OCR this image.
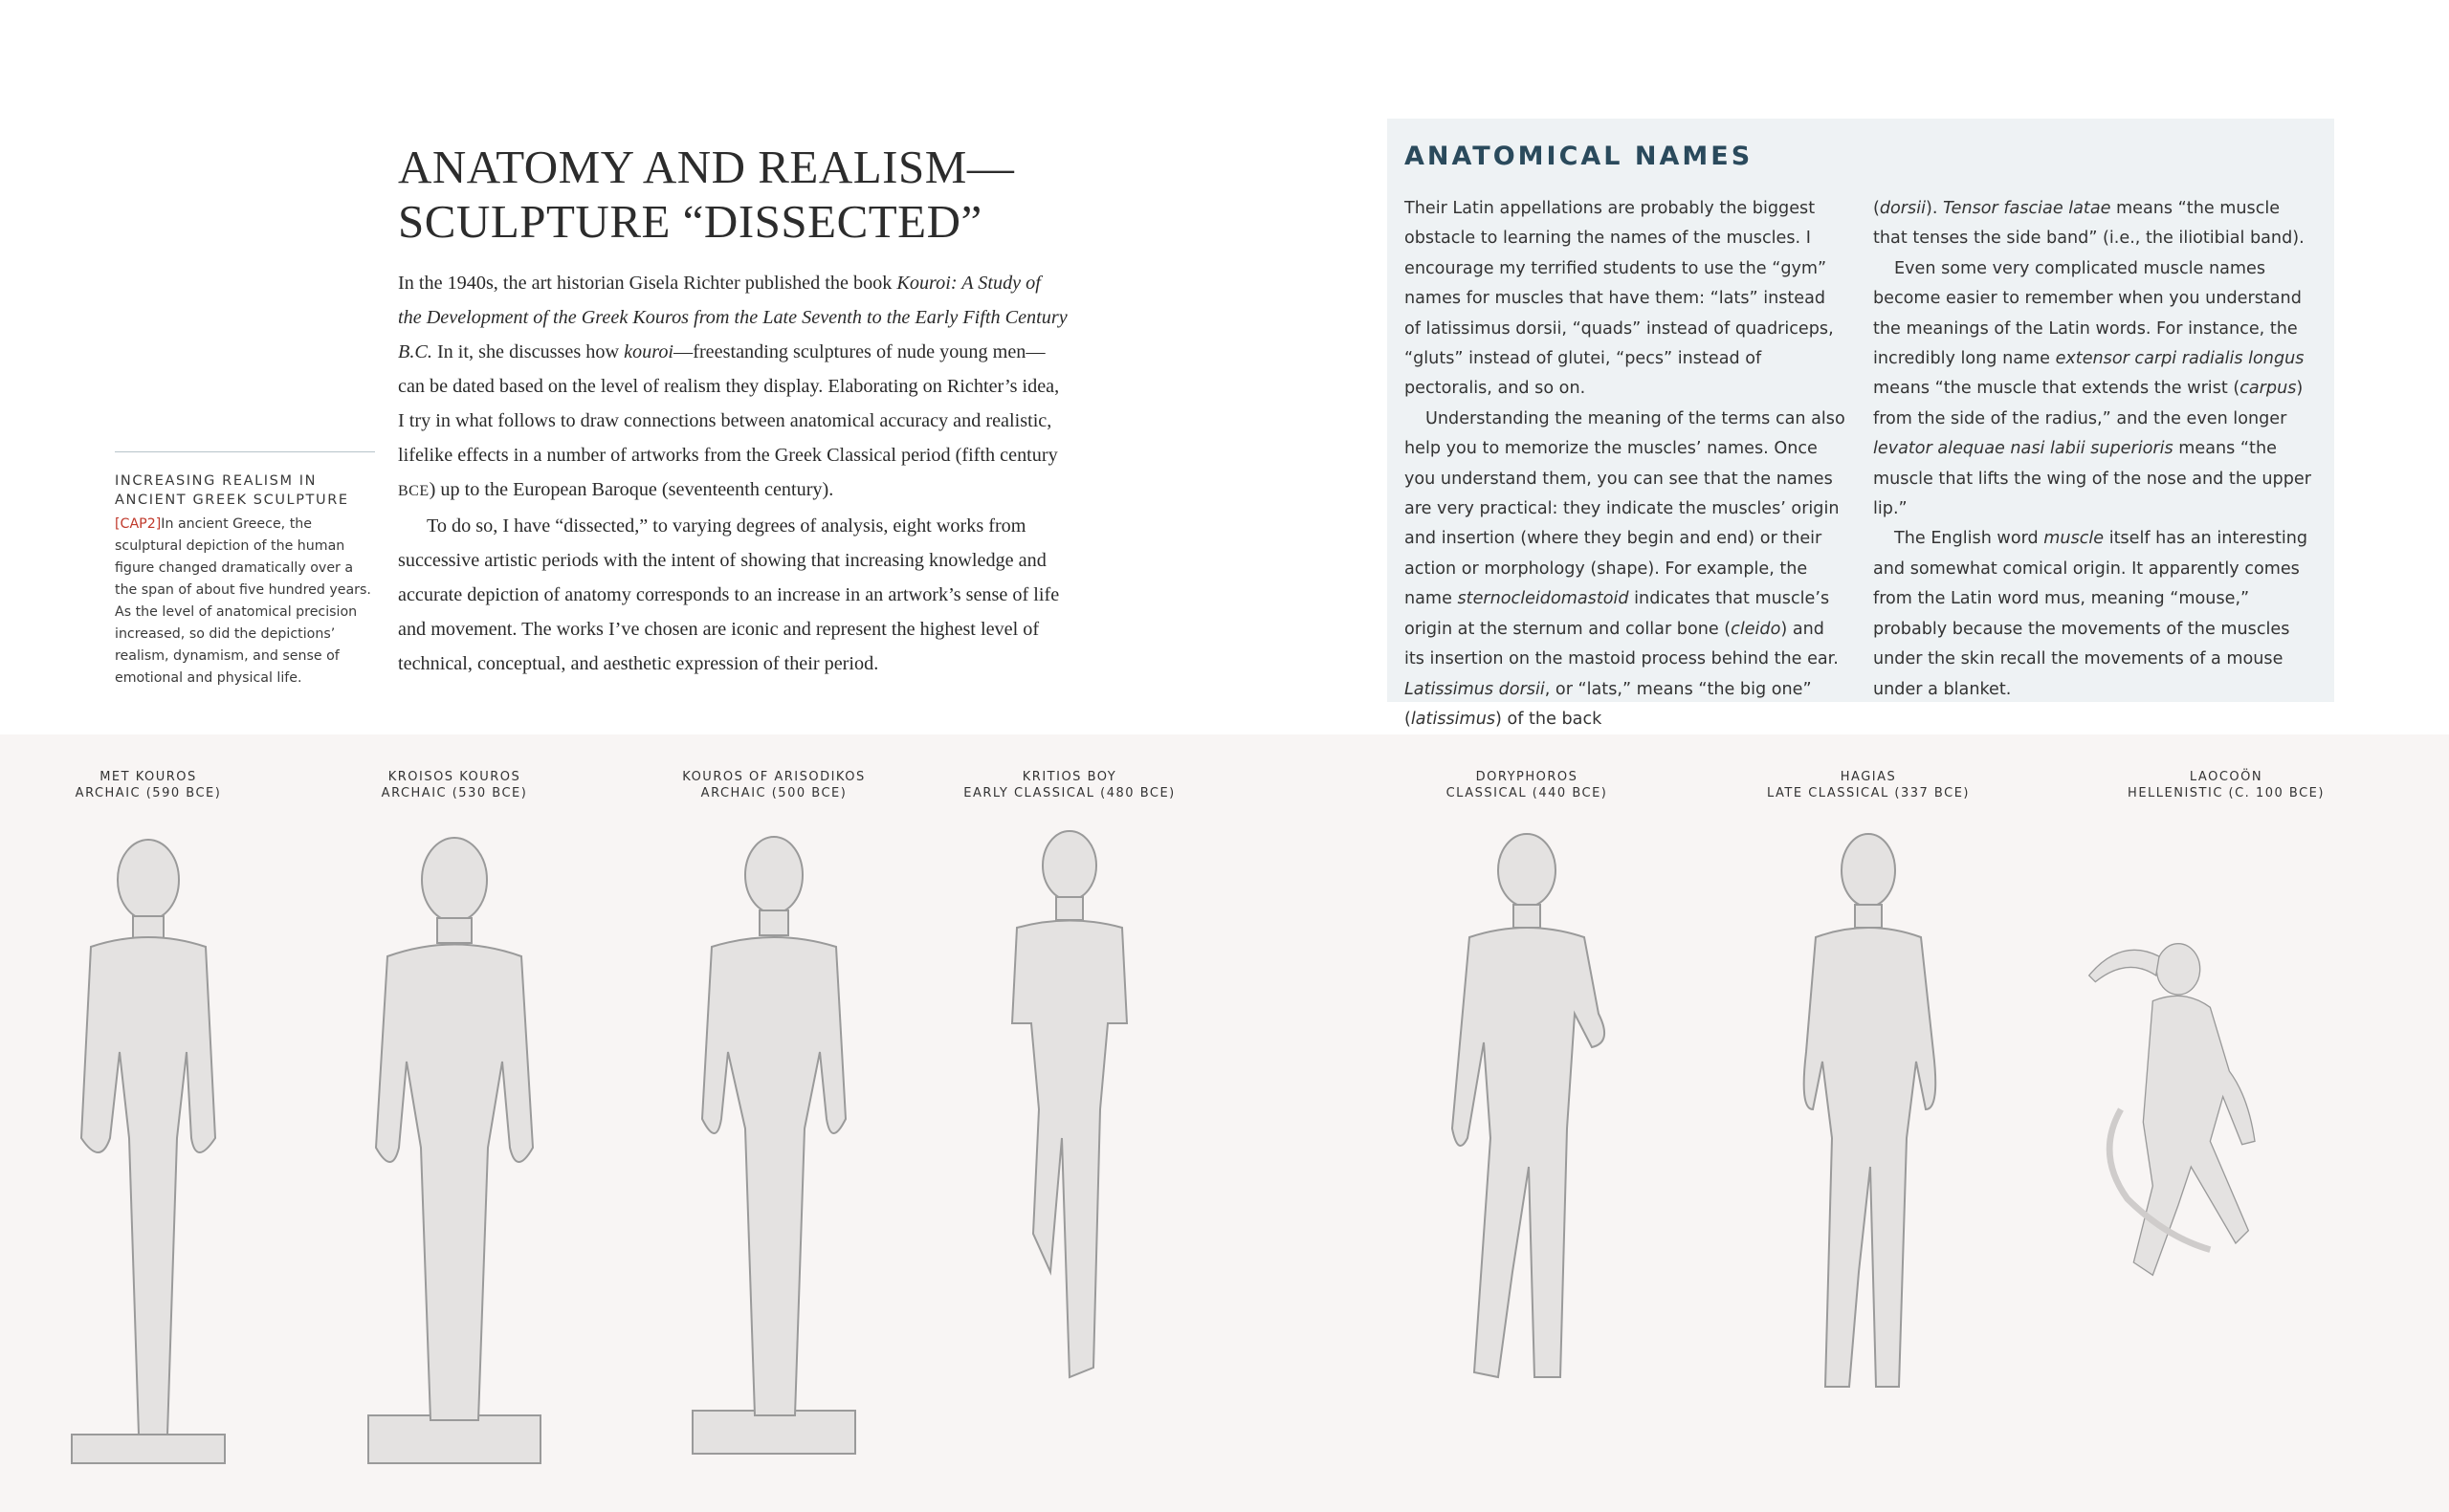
INCREASING REALISM IN ANCIENT GREEK SCULPTURE
[CAP2]In ancient Greece, the sculptural depiction of the human figure changed dramatically over a the span of about five hundred years. As the level of anatomical precision increased, so did the depictions’ realism, dynamism, and sense of emotional and physical life.
ANATOMY AND REALISM—
SCULPTURE “DISSECTED”

In the 1940s, the art historian Gisela Richter published the book Kouroi: A Study of the Development of the Greek Kouros from the Late Seventh to the Early Fifth Century B.C. In it, she discusses how kouroi—freestanding sculptures of nude young men—can be dated based on the level of realism they display. Elaborating on Richter’s idea, I try in what follows to draw connections between anatomical accuracy and realistic, lifelike effects in a number of artworks from the Greek Classical period (fifth century BCE) up to the European Baroque (seventeenth century).

To do so, I have “dissected,” to varying degrees of analysis, eight works from successive artistic periods with the intent of showing that increasing knowledge and accurate depiction of anatomy corresponds to an increase in an artwork’s sense of life and movement. The works I’ve chosen are iconic and represent the highest level of technical, conceptual, and aesthetic expression of their period.

ANATOMICAL NAMES

Their Latin appellations are probably the biggest obstacle to learning the names of the muscles. I encourage my terrified students to use the “gym” names for muscles that have them: “lats” instead of latissimus dorsii, “quads” instead of quadriceps, “gluts” instead of glutei, “pecs” instead of pectoralis, and so on.

Understanding the meaning of the terms can also help you to memorize the muscles’ names. Once you understand them, you can see that the names are very practical: they indicate the muscles’ origin and insertion (where they begin and end) or their action or morphology (shape). For example, the name sternocleidomastoid indicates that muscle’s origin at the sternum and collar bone (cleido) and its insertion on the mastoid process behind the ear. Latissimus dorsii, or “lats,” means “the big one” (latissimus) of the back

(dorsii). Tensor fasciae latae means “the muscle that tenses the side band” (i.e., the iliotibial band).

Even some very complicated muscle names become easier to remember when you understand the meanings of the Latin words. For instance, the incredibly long name extensor carpi radialis longus means “the muscle that extends the wrist (carpus) from the side of the radius,” and the even longer levator alequae nasi labii superioris means “the muscle that lifts the wing of the nose and the upper lip.”

The English word muscle itself has an interesting and somewhat comical origin. It apparently comes from the Latin word mus, meaning “mouse,” probably because the movements of the muscles under the skin recall the movements of a mouse under a blanket.

MET KOUROS
ARCHAIC (590 BCE)
KROISOS KOUROS
ARCHAIC (530 BCE)
KOUROS OF ARISODIKOS
ARCHAIC (500 BCE)
KRITIOS BOY
EARLY CLASSICAL (480 BCE)
DORYPHOROS
CLASSICAL (440 BCE)
HAGIAS
LATE CLASSICAL (337 BCE)
LAOCOÖN
HELLENISTIC (C. 100 BCE)
